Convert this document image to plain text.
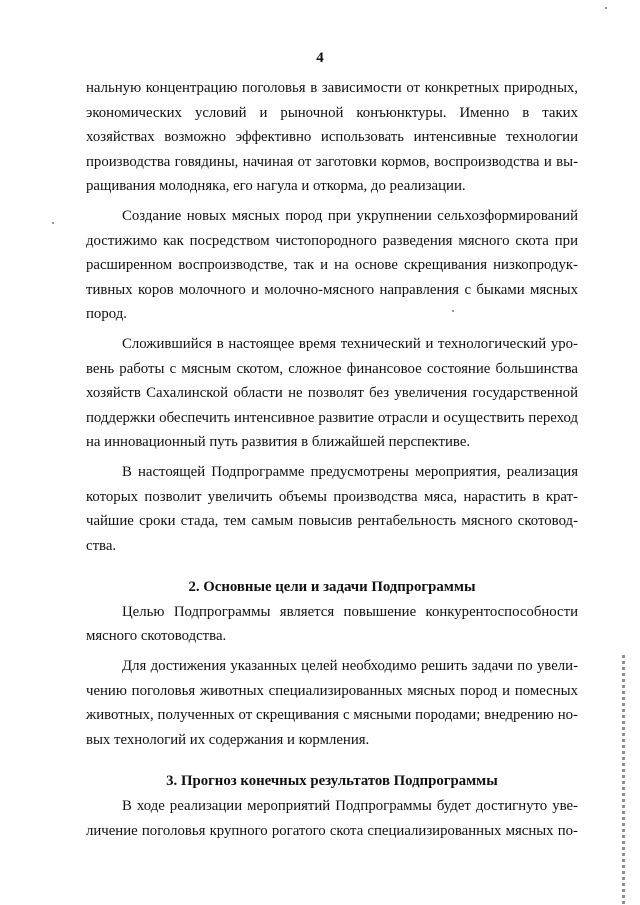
4
нальную концентрацию поголовья в зависимости от конкретных природных,
экономических условий и рыночной конъюнктуры. Именно в таких
хозяйствах возможно эффективно использовать интенсивные технологии
производства говядины, начиная от заготовки кормов, воспроизводства и вы-
ращивания молодняка, его нагула и откорма, до реализации.
Создание новых мясных пород при укрупнении сельхозформирований
достижимо как посредством чистопородного разведения мясного скота при
расширенном воспроизводстве, так и на основе скрещивания низкопродук-
тивных коров молочного и молочно-мясного направления с быками мясных
пород.
Сложившийся в настоящее время технический и технологический уро-
вень работы с мясным скотом, сложное финансовое состояние большинства
хозяйств Сахалинской области не позволят без увеличения государственной
поддержки обеспечить интенсивное развитие отрасли и осуществить переход
на инновационный путь развития в ближайшей перспективе.
В настоящей Подпрограмме предусмотрены мероприятия, реализация
которых позволит увеличить объемы производства мяса, нарастить в крат-
чайшие сроки стада, тем самым повысив рентабельность мясного скотовод-
ства.
2. Основные цели и задачи Подпрограммы
Целью Подпрограммы является повышение конкурентоспособности
мясного скотоводства.
Для достижения указанных целей необходимо решить задачи по увели-
чению поголовья животных специализированных мясных пород и помесных
животных, полученных от скрещивания с мясными породами; внедрению но-
вых технологий их содержания и кормления.
3. Прогноз конечных результатов Подпрограммы
В ходе реализации мероприятий Подпрограммы будет достигнуто уве-
личение поголовья крупного рогатого скота специализированных мясных по-
